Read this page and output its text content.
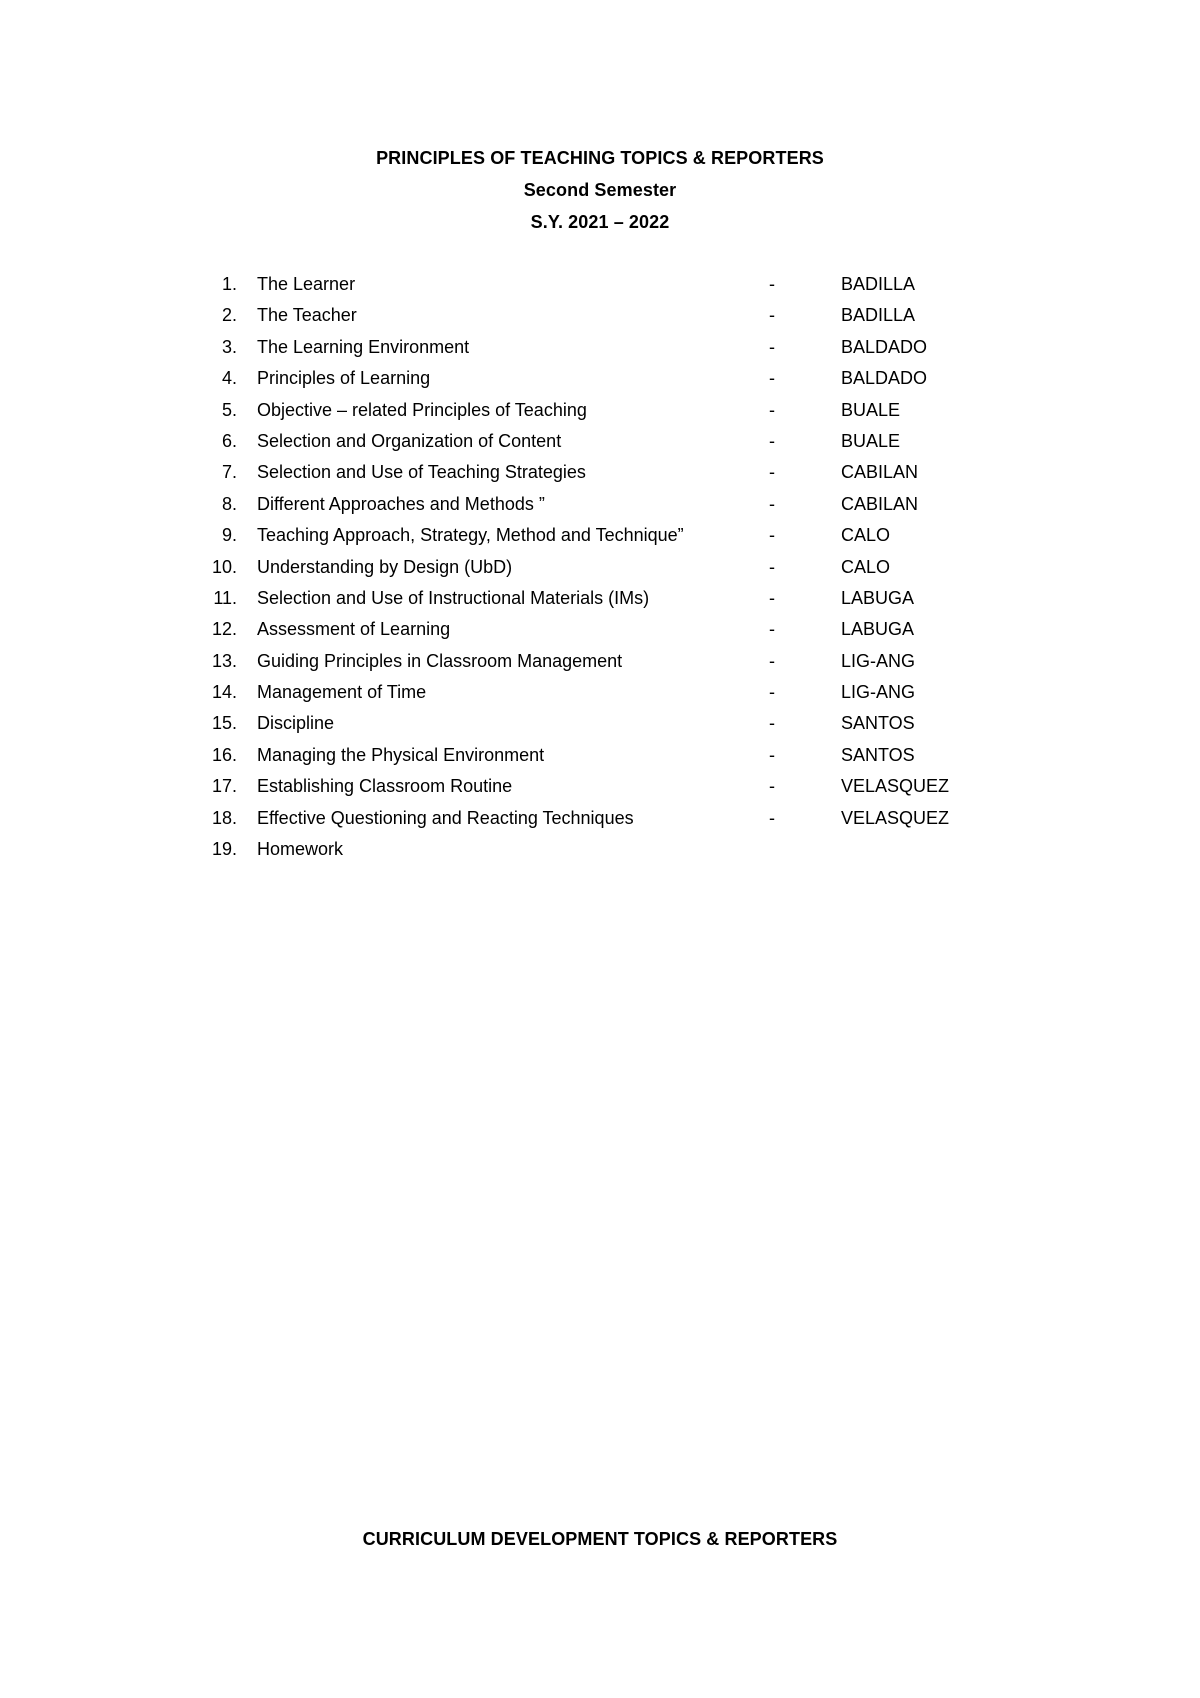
PRINCIPLES OF TEACHING TOPICS & REPORTERS
Second Semester
S.Y. 2021 – 2022
1. The Learner	-	BADILLA
2. The Teacher	-	BADILLA
3. The Learning Environment	-	BALDADO
4. Principles of Learning	-	BALDADO
5. Objective – related Principles of Teaching	-	BUALE
6. Selection and Organization of Content	-	BUALE
7. Selection and Use of Teaching Strategies	-	CABILAN
8. Different Approaches and Methods ”	-	CABILAN
9. Teaching Approach, Strategy, Method and Technique”	-	CALO
10. Understanding by Design (UbD)	-	CALO
11. Selection and Use of Instructional Materials (IMs)	-	LABUGA
12. Assessment of Learning	-	LABUGA
13. Guiding Principles in Classroom Management	-	LIG-ANG
14. Management of Time	-	LIG-ANG
15. Discipline	-	SANTOS
16. Managing the Physical Environment	-	SANTOS
17. Establishing Classroom Routine	-	VELASQUEZ
18. Effective Questioning and Reacting Techniques	-	VELASQUEZ
19. Homework
CURRICULUM DEVELOPMENT TOPICS & REPORTERS
